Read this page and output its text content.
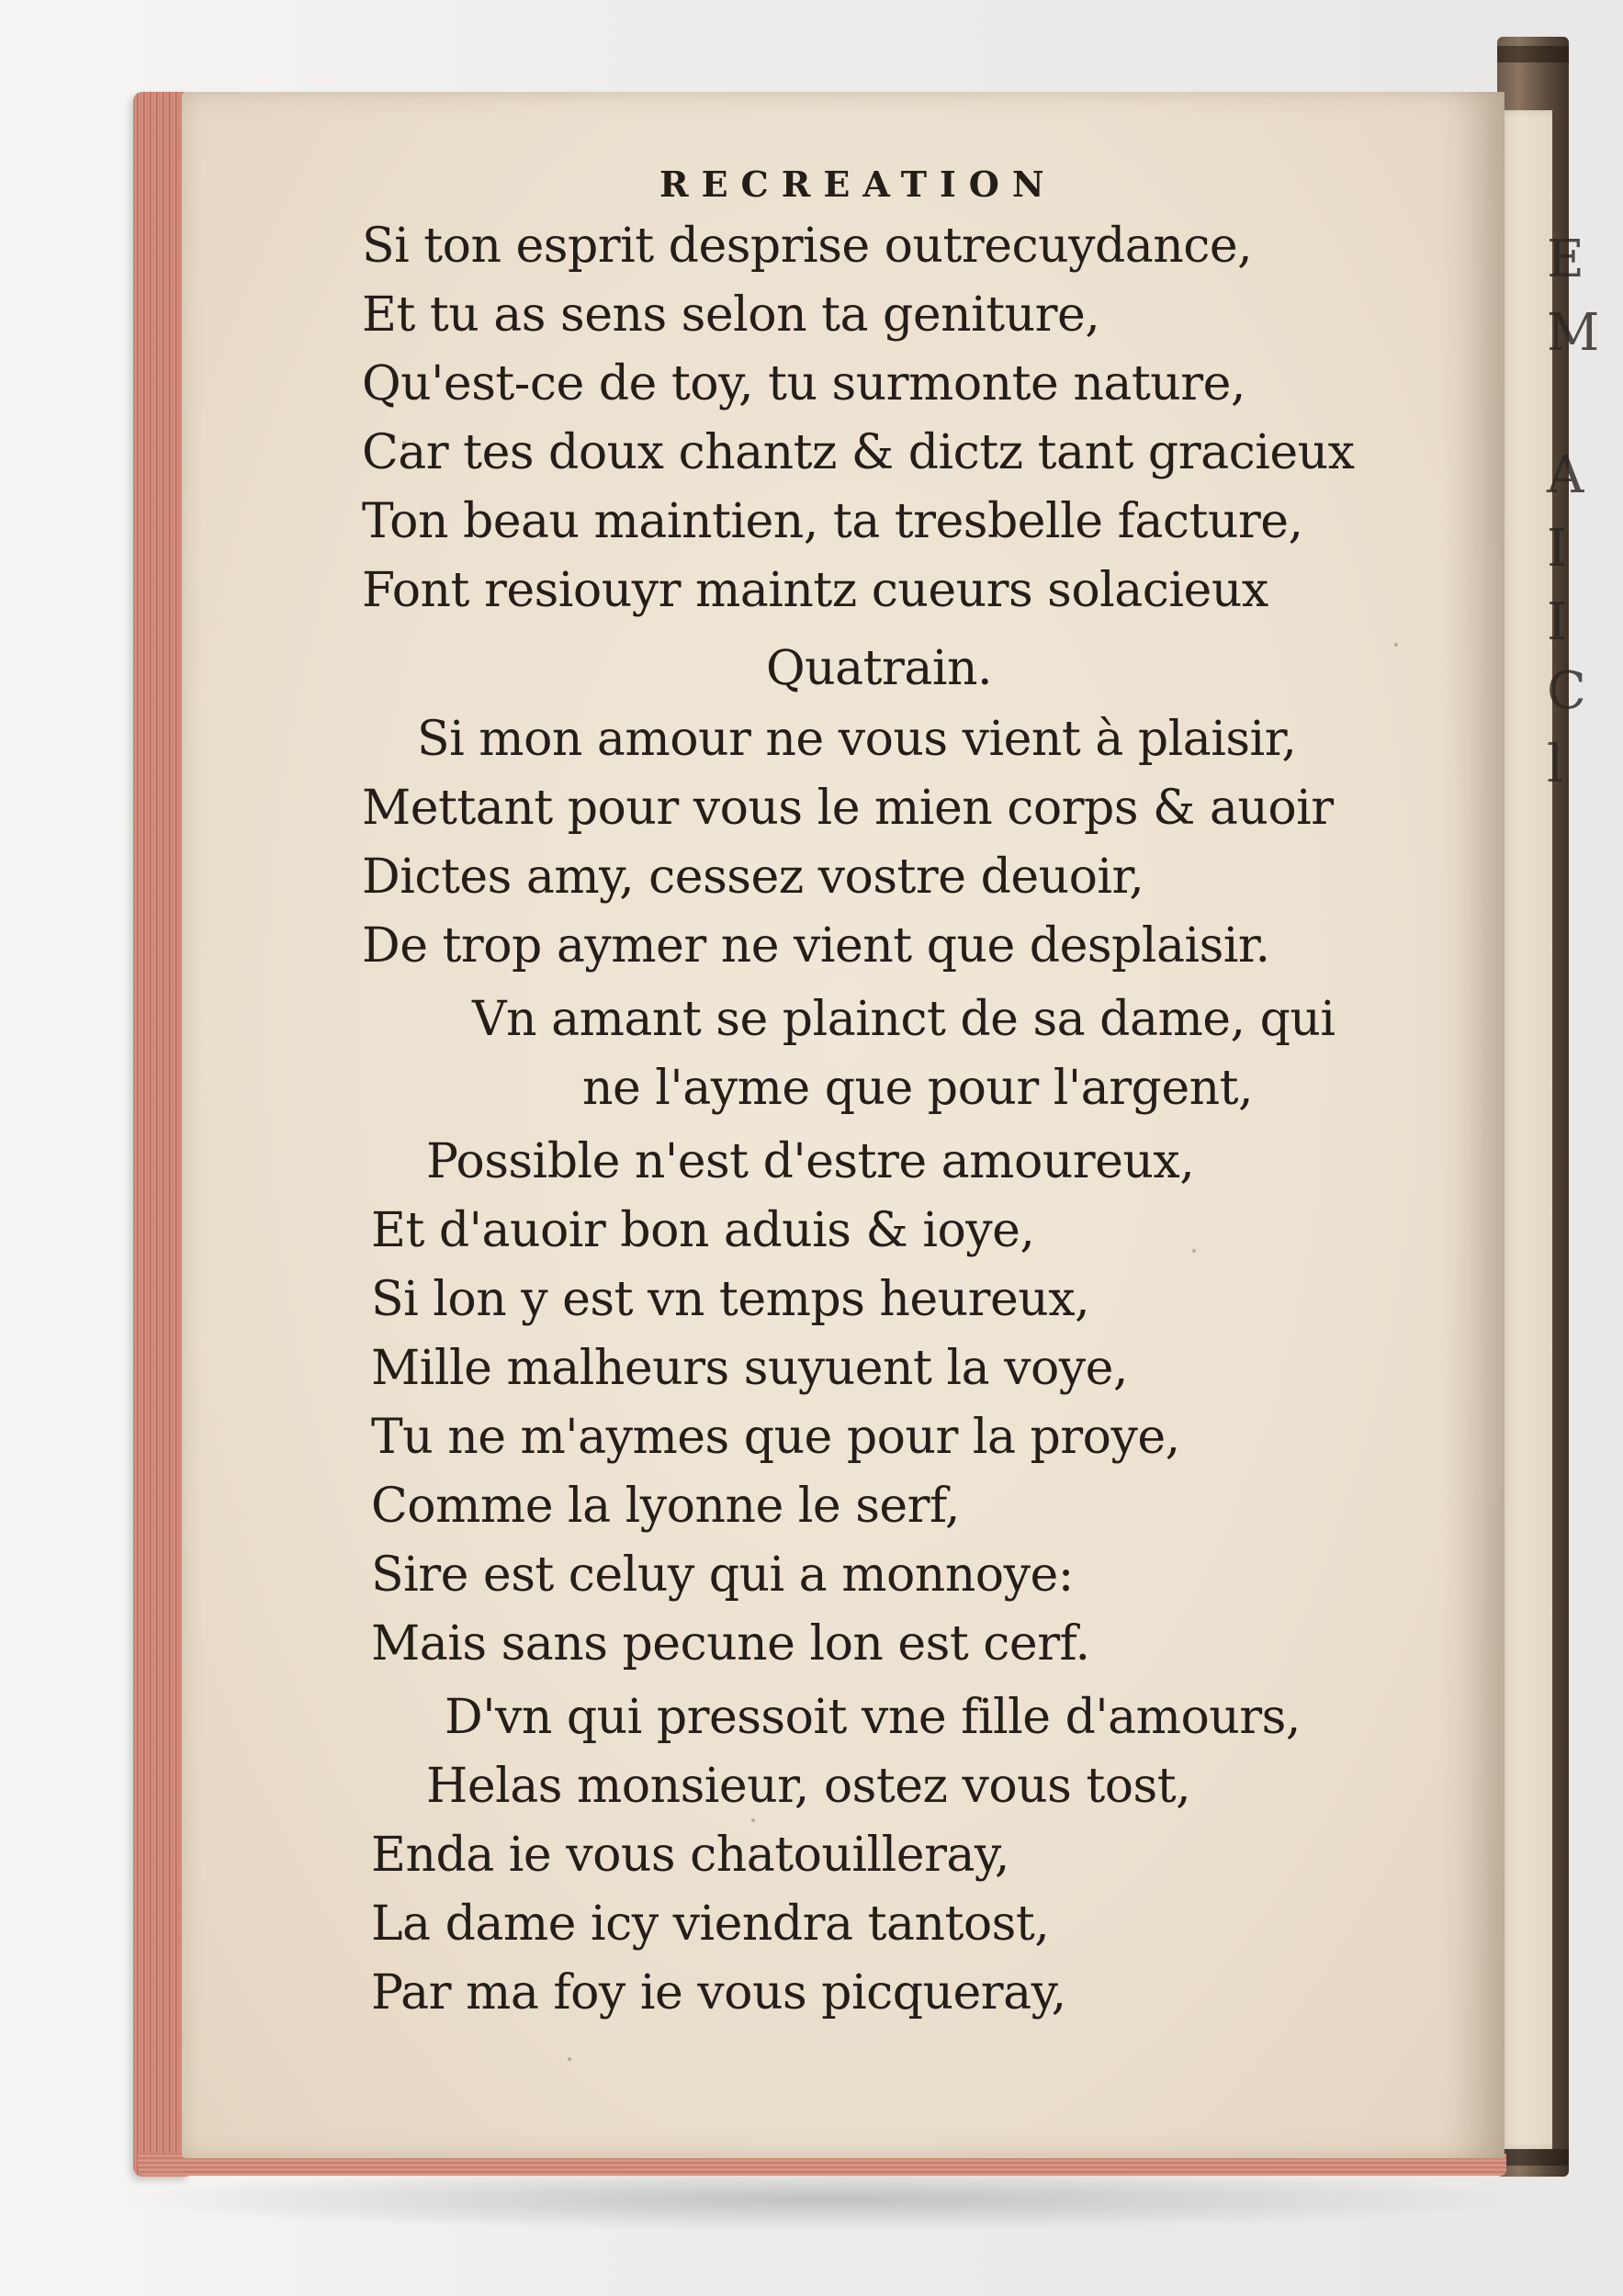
E
M
A
I
I
C
l
RECREATION
Si ton esprit desprise outrecuydance,
Et tu as sens selon ta geniture,
Qu'est-ce de toy, tu surmonte nature,
Car tes doux chantz & dictz tant gracieux
Ton beau maintien, ta tresbelle facture,
Font resiouyr maintz cueurs solacieux
Quatrain.
Si mon amour ne vous vient à plaisir,
Mettant pour vous le mien corps & auoir
Dictes amy, cessez vostre deuoir,
De trop aymer ne vient que desplaisir.
Vn amant se plainct de sa dame, qui
ne l'ayme que pour l'argent,
Possible n'est d'estre amoureux,
Et d'auoir bon aduis & ioye,
Si lon y est vn temps heureux,
Mille malheurs suyuent la voye,
Tu ne m'aymes que pour la proye,
Comme la lyonne le serf,
Sire est celuy qui a monnoye:
Mais sans pecune lon est cerf.
D'vn qui pressoit vne fille d'amours,
Helas monsieur, ostez vous tost,
Enda ie vous chatouilleray,
La dame icy viendra tantost,
Par ma foy ie vous picqueray,
